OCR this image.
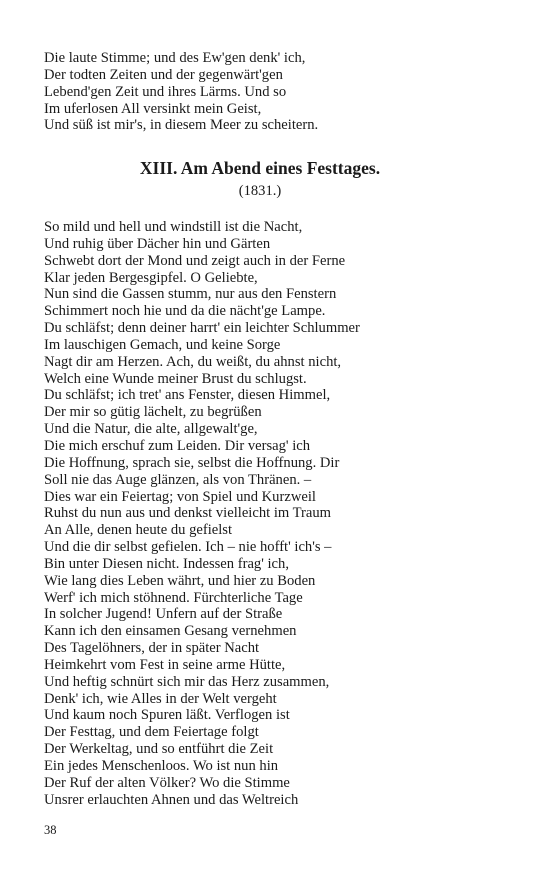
Die laute Stimme; und des Ew'gen denk' ich,
Der todten Zeiten und der gegenwärt'gen
Lebend'gen Zeit und ihres Lärms. Und so
Im uferlosen All versinkt mein Geist,
Und süß ist mir's, in diesem Meer zu scheitern.
XIII. Am Abend eines Festtages.
(1831.)
So mild und hell und windstill ist die Nacht,
Und ruhig über Dächer hin und Gärten
Schwebt dort der Mond und zeigt auch in der Ferne
Klar jeden Bergesgipfel. O Geliebte,
Nun sind die Gassen stumm, nur aus den Fenstern
Schimmert noch hie und da die nächt'ge Lampe.
Du schläfst; denn deiner harrt' ein leichter Schlummer
Im lauschigen Gemach, und keine Sorge
Nagt dir am Herzen. Ach, du weißt, du ahnst nicht,
Welch eine Wunde meiner Brust du schlugst.
Du schläfst; ich tret' ans Fenster, diesen Himmel,
Der mir so gütig lächelt, zu begrüßen
Und die Natur, die alte, allgewalt'ge,
Die mich erschuf zum Leiden. Dir versag' ich
Die Hoffnung, sprach sie, selbst die Hoffnung. Dir
Soll nie das Auge glänzen, als von Thränen. –
Dies war ein Feiertag; von Spiel und Kurzweil
Ruhst du nun aus und denkst vielleicht im Traum
An Alle, denen heute du gefielst
Und die dir selbst gefielen. Ich – nie hofft' ich's –
Bin unter Diesen nicht. Indessen frag' ich,
Wie lang dies Leben währt, und hier zu Boden
Werf' ich mich stöhnend. Fürchterliche Tage
In solcher Jugend! Unfern auf der Straße
Kann ich den einsamen Gesang vernehmen
Des Tagelöhners, der in später Nacht
Heimkehrt vom Fest in seine arme Hütte,
Und heftig schnürt sich mir das Herz zusammen,
Denk' ich, wie Alles in der Welt vergeht
Und kaum noch Spuren läßt. Verflogen ist
Der Festtag, und dem Feiertage folgt
Der Werkeltag, und so entführt die Zeit
Ein jedes Menschenloos. Wo ist nun hin
Der Ruf der alten Völker? Wo die Stimme
Unsrer erlauchten Ahnen und das Weltreich
38
